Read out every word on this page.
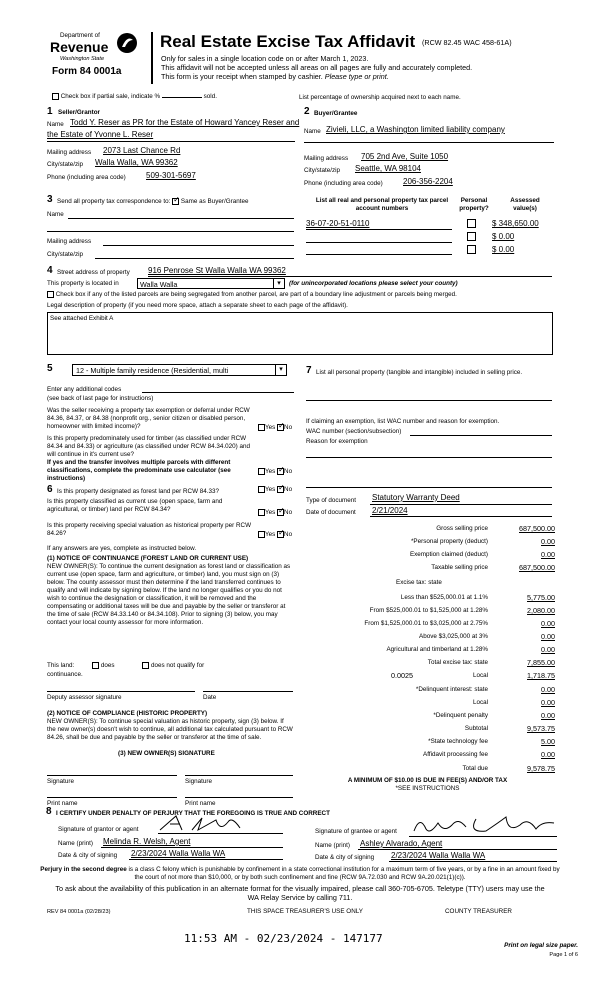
Department of
Revenue
Washington State
Form 84 0001a
Real Estate Excise Tax Affidavit (RCW 82.45 WAC 458-61A)
Only for sales in a single location code on or after March 1, 2023.
This affidavit will not be accepted unless all areas on all pages are fully and accurately completed.
This form is your receipt when stamped by cashier. Please type or print.
Check box if partial sale, indicate %	sold.	List percentage of ownership acquired next to each name.
1 Seller/Grantor
Name Todd Y. Reser as PR for the Estate of Howard Yancey Reser and
the Estate of Yvonne L. Reser
Mailing address 2073 Last Chance Rd
City/state/zip Walla Walla, WA 99362
Phone (including area code)	509-301-5697
2 Buyer/Grantee
Name Zivieli, LLC, a Washington limited liability company
Mailing address 705 2nd Ave, Suite 1050
City/state/zip Seattle, WA 98104
Phone (including area code)	206-356-2204
3 Send all property tax correspondence to: ✓ Same as Buyer/Grantee
Name
Mailing address
City/state/zip
List all real and personal property tax parcel account numbers
Personal property?
Assessed value(s)
36-07-20-51-0110	$ 348,650.00
$ 0.00
$ 0.00
4 Street address of property 916 Penrose St Walla Walla WA 99362
This property is located in	Walla Walla	▾	(for unincorporated locations please select your county)
Check box if any of the listed parcels are being segregated from another parcel, are part of a boundary line adjustment or parcels being merged.
Legal description of property (if you need more space, attach a separate sheet to each page of the affidavit).
See attached Exhibit A
5	12 - Multiple family residence (Residential, multi	▾
Enter any additional codes
(see back of last page for instructions)
Was the seller receiving a property tax exemption or deferral under RCW 84.36, 84.37, or 84.38 (nonprofit org., senior citizen or disabled person, homeowner with limited income)?	Yes ✓ No
Is this property predominately used for timber (as classified under RCW 84.34 and 84.33) or agriculture (as classified under RCW 84.34.020) and will continue in it's current use?
If yes and the transfer involves multiple parcels with different classifications, complete the predominate use calculator (see instructions)
Yes ✓ No
6 Is this property designated as forest land per RCW 84.33?	Yes ✓ No
Is this property classified as current use (open space, farm and agricultural, or timber) land per RCW 84.34?	Yes ✓ No
Is this property receiving special valuation as historical property per RCW 84.26?	Yes ✓ No
If any answers are yes, complete as instructed below.
(1) NOTICE OF CONTINUANCE (FOREST LAND OR CURRENT USE)
NEW OWNER(S): To continue the current designation as forest land or classification as current use (open space, farm and agriculture, or timber) land, you must sign on (3) below. The county assessor must then determine if the land transferred continues to qualify and will indicate by signing below. If the land no longer qualifies or you do not wish to continue the designation or classification, it will be removed and the compensating or additional taxes will be due and payable by the seller or transferor at the time of sale (RCW 84.33.140 or 84.34.108). Prior to signing (3) below, you may contact your local county assessor for more information.
This land:	does	does not qualify for
continuance.
Deputy assessor signature	Date
(2) NOTICE OF COMPLIANCE (HISTORIC PROPERTY)
NEW OWNER(S): To continue special valuation as historic property, sign (3) below. If the new owner(s) doesn't wish to continue, all additional tax calculated pursuant to RCW 84.26, shall be due and payable by the seller or transferor at the time of sale.
(3) NEW OWNER(S) SIGNATURE
Signature	Signature
Print name	Print name
7 List all personal property (tangible and intangible) included in selling price.
If claiming an exemption, list WAC number and reason for exemption.
WAC number (section/subsection)
Reason for exemption
Type of document Statutory Warranty Deed
Date of document 2/21/2024
Gross selling price	687,500.00
*Personal property (deduct)	0.00
Exemption claimed (deduct)	0.00
Taxable selling price	687,500.00
Excise tax: state
Less than $525,000.01 at 1.1%	5,775.00
From $525,000.01 to $1,525,000 at 1.28%	2,080.00
From $1,525,000.01 to $3,025,000 at 2.75%	0.00
Above $3,025,000 at 3%	0.00
Agricultural and timberland at 1.28%	0.00
Total excise tax: state	7,855.00
0.0025	Local	1,718.75
*Delinquent interest: state	0.00
Local	0.00
*Delinquent penalty	0.00
Subtotal	9,573.75
*State technology fee	5.00
Affidavit processing fee	0.00
Total due	9,578.75
A MINIMUM OF $10.00 IS DUE IN FEE(S) AND/OR TAX
*SEE INSTRUCTIONS
8 I CERTIFY UNDER PENALTY OF PERJURY THAT THE FOREGOING IS TRUE AND CORRECT
Signature of grantor or agent
Name (print) Melinda R. Welsh, Agent
Date & city of signing 2/23/2024 Walla Walla WA
Signature of grantee or agent
Name (print) Ashley Alvarado, Agent
Date & city of signing 2/23/2024 Walla Walla WA
Perjury in the second degree is a class C felony which is punishable by confinement in a state correctional institution for a maximum term of five years, or by a fine in an amount fixed by the court of not more than $10,000, or by both such confinement and fine (RCW 9A.72.030 and RCW 9A.20.021(1)(c)).
To ask about the availability of this publication in an alternate format for the visually impaired, please call 360-705-6705. Teletype (TTY) users may use the WA Relay Service by calling 711.
REV 84 0001a (02/28/23)	THIS SPACE TREASURER'S USE ONLY	COUNTY TREASURER
11:53 AM - 02/23/2024 - 147177
Print on legal size paper.
Page 1 of 6
